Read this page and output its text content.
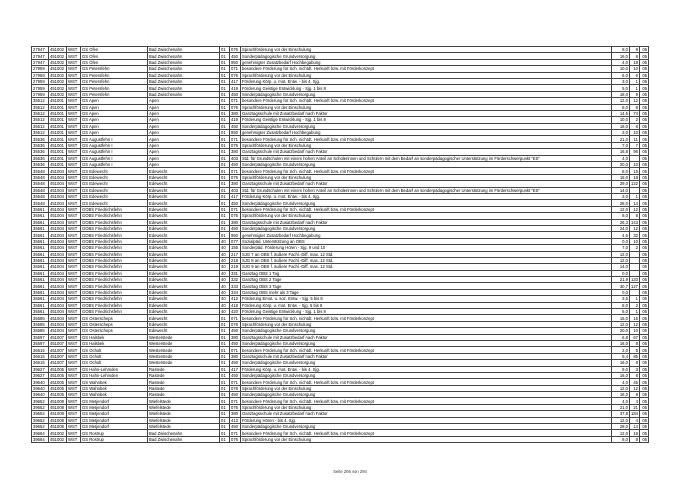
27947	451002	WST	GS Ofen	Bad Zwischenahn	01	076	Sprachförderung vor der Einschulung	8,0	8	05
27947	451002	WST	GS Ofen	Bad Zwischenahn	01	450	Sonderpädagogische Grundversorgung	16,0	8	05
27947	451002	WST	GS Ofen	Bad Zwischenahn	01	950	genehmigter Zusatzbedarf Hochbegabung	4,0	18	05
27959	451002	WST	GS Petersfehn	Bad Zwischenahn	01	071	besondere Förderung für Sch. nichtdt. Herkunft bzw. mit Förderkonzept	10,0	10	05
27959	451002	WST	GS Petersfehn	Bad Zwischenahn	01	076	Sprachförderung vor der Einschulung	6,0	6	05
27959	451002	WST	GS Petersfehn	Bad Zwischenahn	01	417	Förderung Körp. u. mot. Entw. - bis 4. Sjg.	3,0	1	05
27959	451002	WST	GS Petersfehn	Bad Zwischenahn	01	419	Förderung Geistige Entwicklung - Sjg. 1 bis 8	5,0	1	05
27959	451002	WST	GS Petersfehn	Bad Zwischenahn	01	450	Sonderpädagogische Grundversorgung	18,0	9	05
35512	451001	WST	GS Apen	Apen	01	071	besondere Förderung für Sch. nichtdt. Herkunft bzw. mit Förderkonzept	12,0	12	05
35512	451001	WST	GS Apen	Apen	01	076	Sprachförderung vor der Einschulung	8,0	8	05
35512	451001	WST	GS Apen	Apen	01	380	Ganztagsschule mit Zusatzbedarf nach Faktor	14,5	74	05
35512	451001	WST	GS Apen	Apen	01	419	Förderung Geistige Entwicklung - Sjg. 1 bis 8	10,0	2	05
35512	451001	WST	GS Apen	Apen	01	450	Sonderpädagogische Grundversorgung	16,0	8	05
35512	451001	WST	GS Apen	Apen	01	950	genehmigter Zusatzbedarf Hochbegabung	3,0	10	05
35536	451001	WST	GS Augustfehn I	Apen	01	071	besondere Förderung für Sch. nichtdt. Herkunft bzw. mit Förderkonzept	21,0	11	05
35536	451001	WST	GS Augustfehn I	Apen	01	076	Sprachförderung vor der Einschulung	7,0	7	05
35536	451001	WST	GS Augustfehn I	Apen	01	380	Ganztagsschule mit Zusatzbedarf nach Faktor	16,8	96	05
35536	451001	WST	GS Augustfehn I	Apen	01	403	Std. für Grundschulen mit einem hohen Anteil an Schülerinnen und Schülern mit dem Bedarf an sonderpädagogischer Unterstützung im Förderschwerpunkt "ES"	4,0		05
35536	451001	WST	GS Augustfehn I	Apen	01	450	Sonderpädagogische Grundversorgung	20,0	10	05
35548	451004	WST	GS Edewecht	Edewecht	01	071	besondere Förderung für Sch. nichtdt. Herkunft bzw. mit Förderkonzept	8,0	15	05
35548	451004	WST	GS Edewecht	Edewecht	01	076	Sprachförderung vor der Einschulung	18,0	18	05
35548	451004	WST	GS Edewecht	Edewecht	01	380	Ganztagsschule mit Zusatzbedarf nach Faktor	29,0	122	05
35548	451004	WST	GS Edewecht	Edewecht	01	403	Std. für Grundschulen mit einem hohen Anteil an Schülerinnen und Schülern mit dem Bedarf an sonderpädagogischer Unterstützung im Förderschwerpunkt "ES"	14,0		05
35548	451004	WST	GS Edewecht	Edewecht	01	417	Förderung Körp. u. mot. Entw. - bis 4. Sjg.	3,0	1	05
35548	451004	WST	GS Edewecht	Edewecht	01	450	Sonderpädagogische Grundversorgung	28,0	14	05
35561	451004	WST	GOBS Friedrichsfehn	Edewecht	01	071	besondere Förderung für Sch. nichtdt. Herkunft bzw. mit Förderkonzept	12,0	12	05
35561	451004	WST	GOBS Friedrichsfehn	Edewecht	01	076	Sprachförderung vor der Einschulung	8,0	8	05
35561	451004	WST	GOBS Friedrichsfehn	Edewecht	01	380	Ganztagsschule mit Zusatzbedarf nach Faktor	26,3	143	05
35561	451004	WST	GOBS Friedrichsfehn	Edewecht	01	450	Sonderpädagogische Grundversorgung	24,0	12	05
35561	451004	WST	GOBS Friedrichsfehn	Edewecht	01	950	genehmigter Zusatzbedarf Hochbegabung	4,5	32	05
35561	451004	WST	GOBS Friedrichsfehn	Edewecht	40	077	Sozialpäd. Unterstützung an OBS	0,0	10	05
35561	451004	WST	GOBS Friedrichsfehn	Edewecht	40	155	Sonderpäd. Förderung Hören - Sjg. 9 und 10	7,0	2	05
35561	451004	WST	GOBS Friedrichsfehn	Edewecht	40	217	SJG 7 an OBS f. äußere Fachl.-Diff. max. 12 Std.	12,0		05
35561	451004	WST	GOBS Friedrichsfehn	Edewecht	40	218	SJG 8 an OBS f. äußere Fachl.-Diff. max. 12 Std.	12,0		05
35561	451004	WST	GOBS Friedrichsfehn	Edewecht	40	219	SJG 9 an OBS f. äußere Fachl.-Diff. max. 12 Std.	14,0		05
35561	451004	WST	GOBS Friedrichsfehn	Edewecht	40	331	Ganztag OBS 1 Tag	0,0		05
35561	451004	WST	GOBS Friedrichsfehn	Edewecht	40	332	Ganztag OBS 2 Tage	21,9	133	05
35561	451004	WST	GOBS Friedrichsfehn	Edewecht	40	333	Ganztag OBS 3 Tage	30,7	127	05
35561	451004	WST	GOBS Friedrichsfehn	Edewecht	40	334	Ganztag OBS mehr als 3 Tage	0,0		05
35561	451004	WST	GOBS Friedrichsfehn	Edewecht	40	412	Förderung Emot. u. soz. Entw. - Sjg. 5 bis 8	3,5	1	05
35561	451004	WST	GOBS Friedrichsfehn	Edewecht	40	418	Förderung Körp. u. mot. Entw. - Sjg. 5 bis 8	8,0	2	05
35561	451004	WST	GOBS Friedrichsfehn	Edewecht	40	420	Förderung Geistige Entwicklung - Sjg. 1 bis 8	5,0	1	05
35585	451004	WST	GS Osterscheps	Edewecht	01	071	besondere Förderung für Sch. nichtdt. Herkunft bzw. mit Förderkonzept	15,0	15	05
35585	451004	WST	GS Osterscheps	Edewecht	01	076	Sprachförderung vor der Einschulung	12,0	12	05
35585	451004	WST	GS Osterscheps	Edewecht	01	450	Sonderpädagogische Grundversorgung	20,0	10	05
35597	451007	WST	GS Halsbek	Westerstede	01	380	Ganztagsschule mit Zusatzbedarf nach Faktor	6,8	67	05
35597	451007	WST	GS Halsbek	Westerstede	01	450	Sonderpädagogische Grundversorgung	16,0	8	05
36615	451007	WST	GS Ocholt	Westerstede	01	071	besondere Förderung für Sch. nichtdt. Herkunft bzw. mit Förderkonzept	2,0	5	05
36615	451007	WST	GS Ocholt	Westerstede	01	380	Ganztagsschule mit Zusatzbedarf nach Faktor	9,4	85	05
36615	451007	WST	GS Ocholt	Westerstede	01	450	Sonderpädagogische Grundversorgung	16,0	8	05
39627	451005	WST	GS Hahn-Lehmden	Rastede	01	417	Förderung Körp. u. mot. Entw. - bis 4. Sjg.	9,0	3	05
39627	451005	WST	GS Hahn-Lehmden	Rastede	01	450	Sonderpädagogische Grundversorgung	16,0	8	05
39640	451005	WST	GS Wahnbek	Rastede	01	071	besondere Förderung für Sch. nichtdt. Herkunft bzw. mit Förderkonzept	4,0	45	05
39640	451005	WST	GS Wahnbek	Rastede	01	076	Sprachförderung vor der Einschulung	12,0	12	05
39640	451005	WST	GS Wahnbek	Rastede	01	450	Sonderpädagogische Grundversorgung	16,0	8	05
39652	451008	WST	GS Metjendorf	Wiefelstede	01	071	besondere Förderung für Sch. nichtdt. Herkunft bzw. mit Förderkonzept	4,0	4	05
39652	451008	WST	GS Metjendorf	Wiefelstede	01	076	Sprachförderung vor der Einschulung	21,0	21	05
39652	451008	WST	GS Metjendorf	Wiefelstede	01	380	Ganztagsschule mit Zusatzbedarf nach Faktor	37,8	184	05
39652	451008	WST	GS Metjendorf	Wiefelstede	01	413	Förderung Hören - bis 4. Sjg.	12,0	4	05
39652	451008	WST	GS Metjendorf	Wiefelstede	01	450	Sonderpädagogische Grundversorgung	28,0	14	05
39664	451002	WST	GS Rostrup	Bad Zwischenahn	01	071	besondere Förderung für Sch. nichtdt. Herkunft bzw. mit Förderkonzept	12,0	18	05
39664	451002	WST	GS Rostrup	Bad Zwischenahn	01	076	Sprachförderung vor der Einschulung	8,0	8	05
Seite 206 von 294
